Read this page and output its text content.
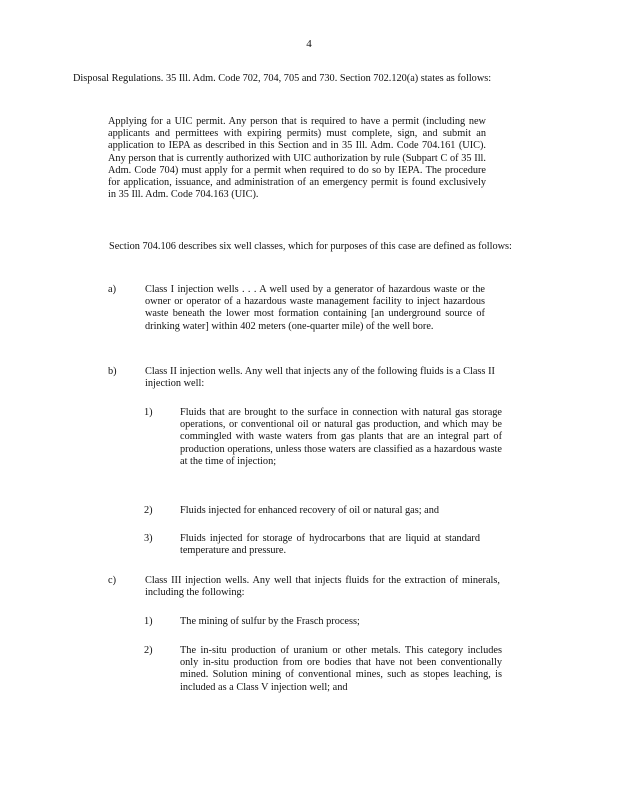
4
Disposal Regulations. 35 Ill. Adm. Code 702, 704, 705 and 730. Section 702.120(a) states as follows:
Applying for a UIC permit. Any person that is required to have a permit (including new applicants and permittees with expiring permits) must complete, sign, and submit an application to IEPA as described in this Section and in 35 Ill. Adm. Code 704.161 (UIC). Any person that is currently authorized with UIC authorization by rule (Subpart C of 35 Ill. Adm. Code 704) must apply for a permit when required to do so by IEPA. The procedure for application, issuance, and administration of an emergency permit is found exclusively in 35 Ill. Adm. Code 704.163 (UIC).
Section 704.106 describes six well classes, which for purposes of this case are defined as follows:
a)	Class I injection wells . . . A well used by a generator of hazardous waste or the owner or operator of a hazardous waste management facility to inject hazardous waste beneath the lower most formation containing [an underground source of drinking water] within 402 meters (one-quarter mile) of the well bore.
b)	Class II injection wells. Any well that injects any of the following fluids is a Class II injection well:
1)	Fluids that are brought to the surface in connection with natural gas storage operations, or conventional oil or natural gas production, and which may be commingled with waste waters from gas plants that are an integral part of production operations, unless those waters are classified as a hazardous waste at the time of injection;
2)	Fluids injected for enhanced recovery of oil or natural gas; and
3)	Fluids injected for storage of hydrocarbons that are liquid at standard temperature and pressure.
c)	Class III injection wells. Any well that injects fluids for the extraction of minerals, including the following:
1)	The mining of sulfur by the Frasch process;
2)	The in-situ production of uranium or other metals. This category includes only in-situ production from ore bodies that have not been conventionally mined. Solution mining of conventional mines, such as stopes leaching, is included as a Class V injection well; and
